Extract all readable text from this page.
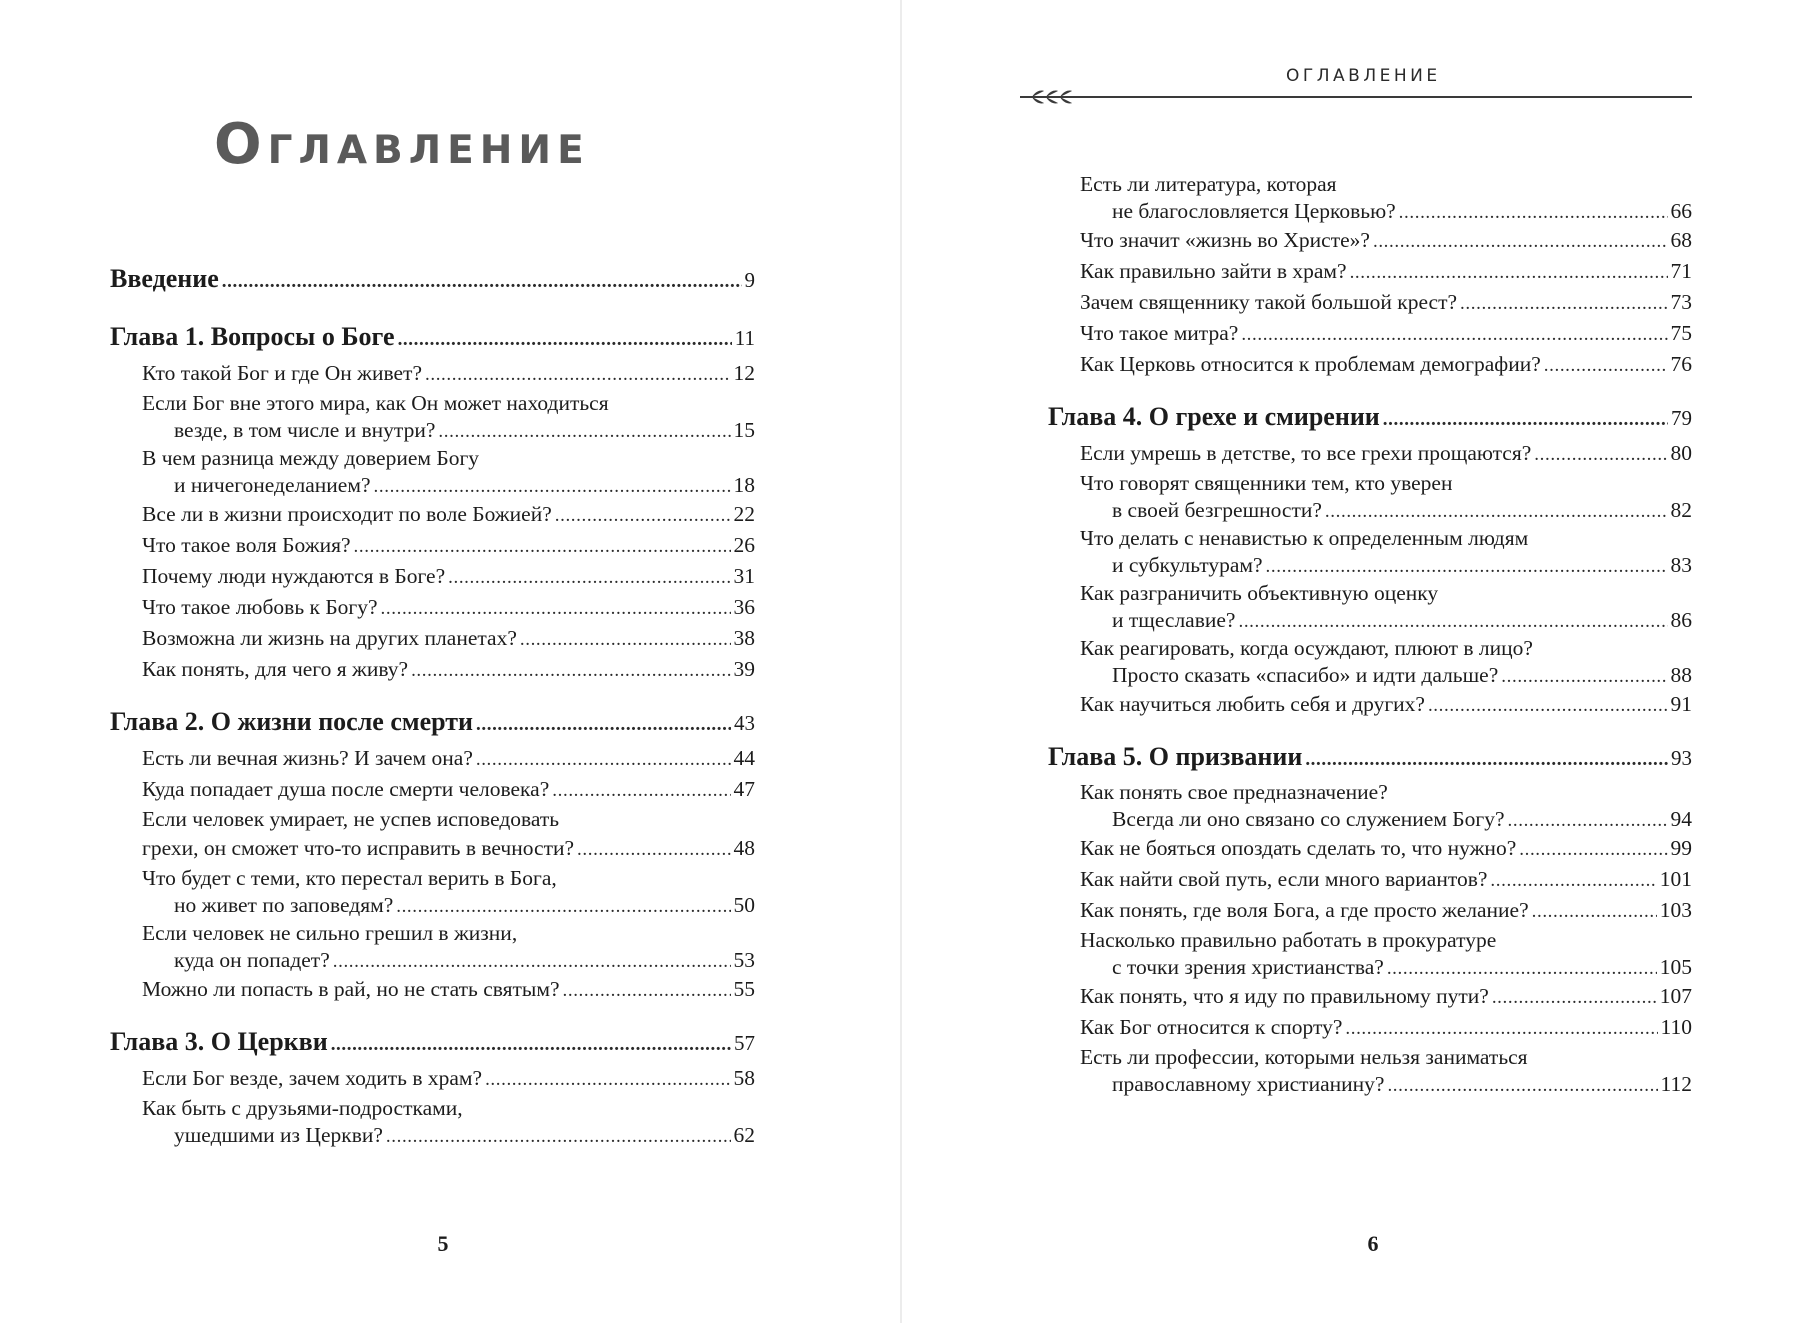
Оглавление
Введение .....	9
Глава 1. Вопросы о Боге .....	11
Кто такой Бог и где Он живет? .....	12
Если Бог вне этого мира, как Он может находиться
везде, в том числе и внутри? .....	15
В чем разница между доверием Богу
и ничегонеделанием? .....	18
Все ли в жизни происходит по воле Божией? .....	22
Что такое воля Божия? .....	26
Почему люди нуждаются в Боге? .....	31
Что такое любовь к Богу? .....	36
Возможна ли жизнь на других планетах? .....	38
Как понять, для чего я живу? .....	39
Глава 2. О жизни после смерти .....	43
Есть ли вечная жизнь? И зачем она? .....	44
Куда попадает душа после смерти человека? .....	47
Если человек умирает, не успев исповедовать
грехи, он сможет что-то исправить в вечности? .....	48
Что будет с теми, кто перестал верить в Бога,
но живет по заповедям? .....	50
Если человек не сильно грешил в жизни,
куда он попадет? .....	53
Можно ли попасть в рай, но не стать святым? .....	55
Глава 3. О Церкви .....	57
Если Бог везде, зачем ходить в храм? .....	58
Как быть с друзьями-подростками,
ушедшими из Церкви? .....	62
5	6
ОГЛАВЛЕНИЕ
Есть ли литература, которая
не благословляется Церковью? .....	66
Что значит «жизнь во Христе»? .....	68
Как правильно зайти в храм? .....	71
Зачем священнику такой большой крест? .....	73
Что такое митра? .....	75
Как Церковь относится к проблемам демографии? .....	76
Глава 4. О грехе и смирении .....	79
Если умрешь в детстве, то все грехи прощаются? .....	80
Что говорят священники тем, кто уверен
в своей безгрешности? .....	82
Что делать с ненавистью к определенным людям
и субкультурам? .....	83
Как разграничить объективную оценку
и тщеславие? .....	86
Как реагировать, когда осуждают, плюют в лицо?
Просто сказать «спасибо» и идти дальше? .....	88
Как научиться любить себя и других? .....	91
Глава 5. О призвании .....	93
Как понять свое предназначение?
Всегда ли оно связано со служением Богу? .....	94
Как не бояться опоздать сделать то, что нужно? .....	99
Как найти свой путь, если много вариантов? .....	101
Как понять, где воля Бога, а где просто желание? .....	103
Насколько правильно работать в прокуратуре
с точки зрения христианства? .....	105
Как понять, что я иду по правильному пути? .....	107
Как Бог относится к спорту? .....	110
Есть ли профессии, которыми нельзя заниматься
православному христианину? .....	112
